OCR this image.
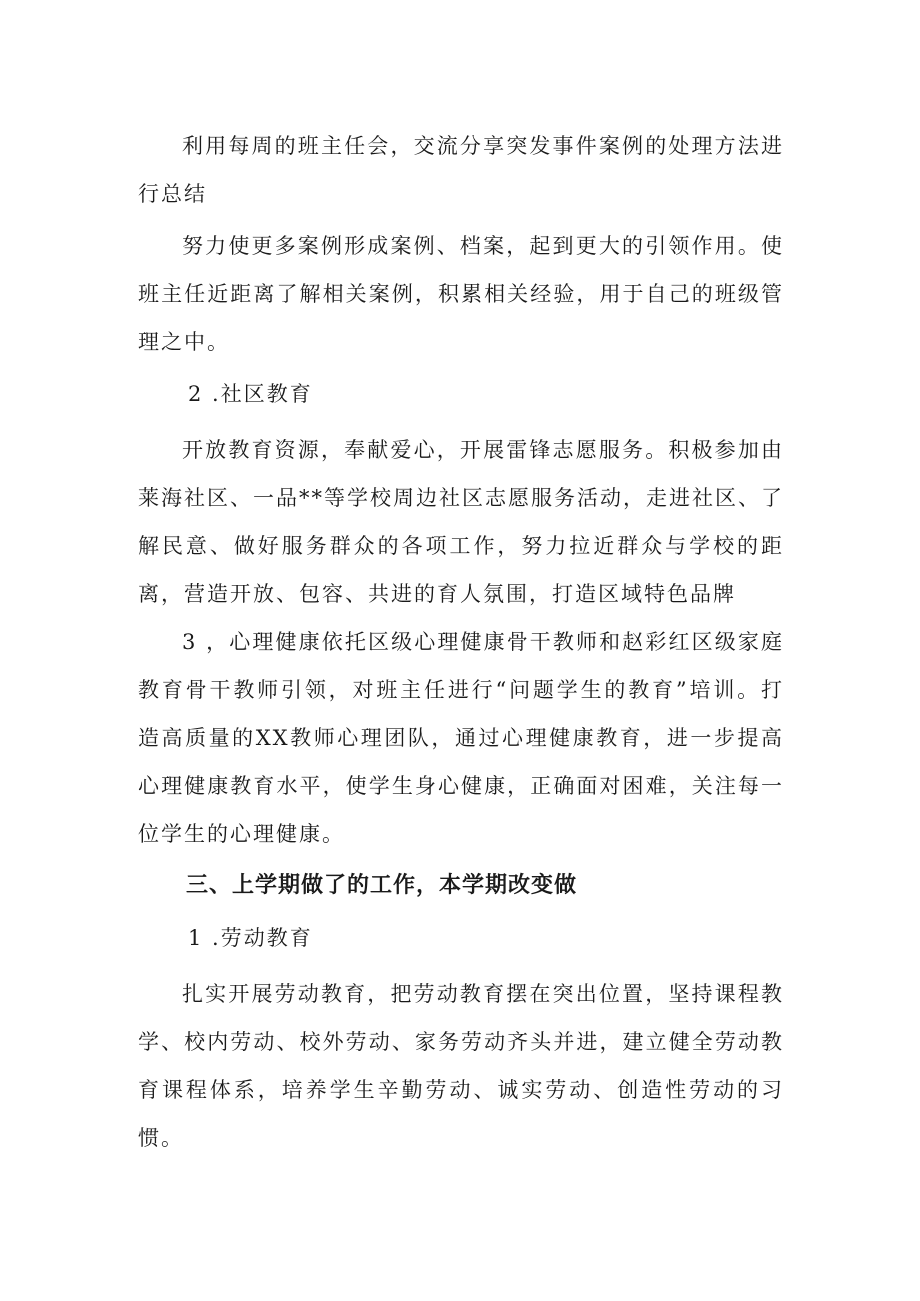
利用每周的班主任会，交流分享突发事件案例的处理方法进行总结

努力使更多案例形成案例、档案，起到更大的引领作用。使班主任近距离了解相关案例，积累相关经验，用于自己的班级管理之中。

2 .社区教育

开放教育资源，奉献爱心，开展雷锋志愿服务。积极参加由莱海社区、一品**等学校周边社区志愿服务活动，走进社区、了解民意、做好服务群众的各项工作，努力拉近群众与学校的距离，营造开放、包容、共进的育人氛围，打造区域特色品牌

3 ，心理健康依托区级心理健康骨干教师和赵彩红区级家庭教育骨干教师引领，对班主任进行“问题学生的教育”培训。打造高质量的XX教师心理团队，通过心理健康教育，进一步提高心理健康教育水平，使学生身心健康，正确面对困难，关注每一位学生的心理健康。

三、上学期做了的工作，本学期改变做

1 .劳动教育

扎实开展劳动教育，把劳动教育摆在突出位置，坚持课程教学、校内劳动、校外劳动、家务劳动齐头并进，建立健全劳动教育课程体系，培养学生辛勤劳动、诚实劳动、创造性劳动的习惯。
